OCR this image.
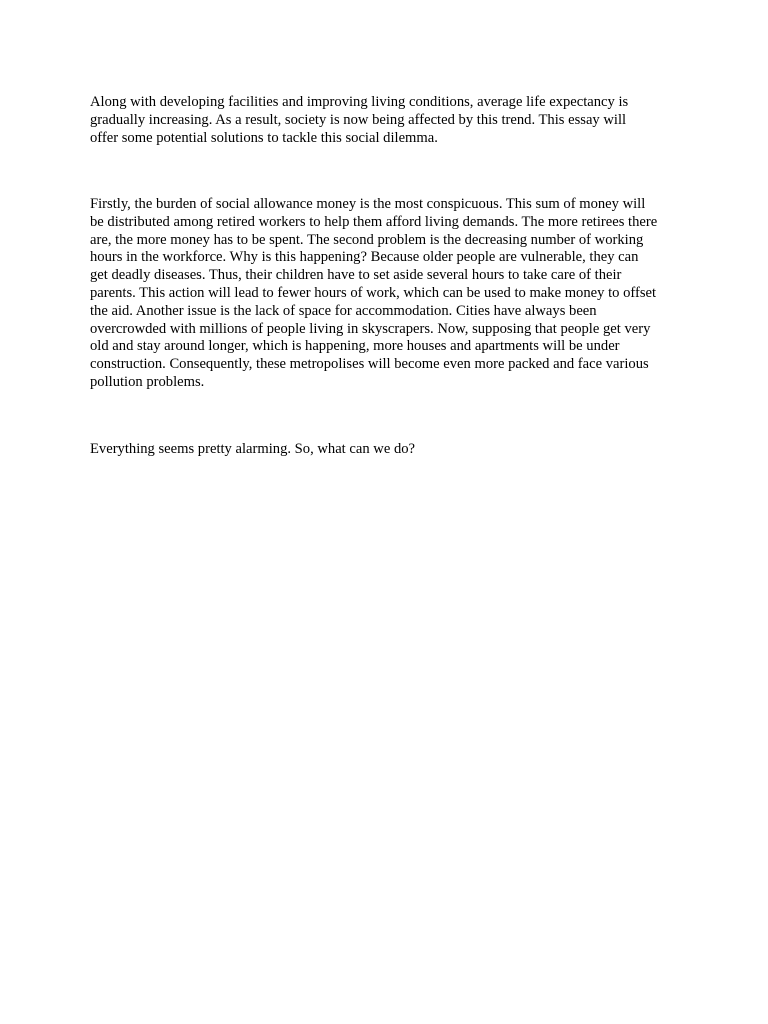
Along with developing facilities and improving living conditions, average life expectancy is
gradually increasing. As a result, society is now being affected by this trend. This essay will
offer some potential solutions to tackle this social dilemma.

Firstly, the burden of social allowance money is the most conspicuous. This sum of money will
be distributed among retired workers to help them afford living demands. The more retirees there
are, the more money has to be spent. The second problem is the decreasing number of working
hours in the workforce. Why is this happening? Because older people are vulnerable, they can
get deadly diseases. Thus, their children have to set aside several hours to take care of their
parents. This action will lead to fewer hours of work, which can be used to make money to offset
the aid. Another issue is the lack of space for accommodation. Cities have always been
overcrowded with millions of people living in skyscrapers. Now, supposing that people get very
old and stay around longer, which is happening, more houses and apartments will be under
construction. Consequently, these metropolises will become even more packed and face various
pollution problems.

Everything seems pretty alarming. So, what can we do?
